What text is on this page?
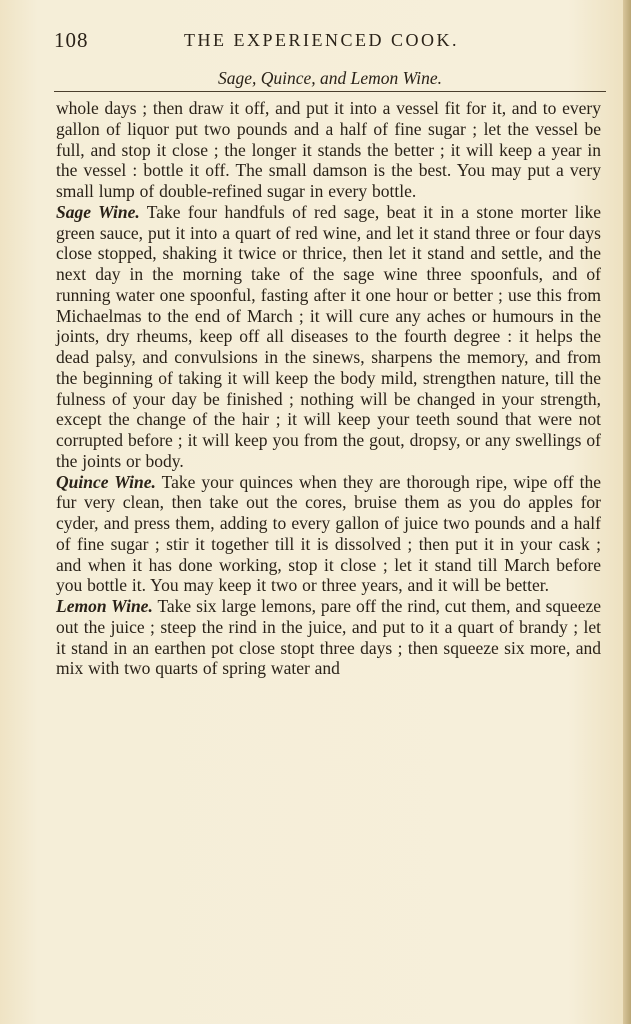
108	THE EXPERIENCED COOK.
Sage, Quince, and Lemon Wine.

whole days ; then draw it off, and put it into a vessel fit for it, and to every gallon of liquor put two pounds and a half of fine sugar ; let the vessel be full, and stop it close ; the longer it stands the better ; it will keep a year in the vessel : bottle it off. The small damson is the best. You may put a very small lump of double-refined sugar in every bottle.

Sage Wine. Take four handfuls of red sage, beat it in a stone morter like green sauce, put it into a quart of red wine, and let it stand three or four days close stopped, shaking it twice or thrice, then let it stand and settle, and the next day in the morning take of the sage wine three spoonfuls, and of running water one spoonful, fasting after it one hour or better ; use this from Michaelmas to the end of March ; it will cure any aches or humours in the joints, dry rheums, keep off all diseases to the fourth degree : it helps the dead palsy, and convulsions in the sinews, sharpens the memory, and from the beginning of taking it will keep the body mild, strengthen nature, till the fulness of your day be finished ; nothing will be changed in your strength, except the change of the hair ; it will keep your teeth sound that were not corrupted before ; it will keep you from the gout, dropsy, or any swellings of the joints or body.

Quince Wine. Take your quinces when they are thorough ripe, wipe off the fur very clean, then take out the cores, bruise them as you do apples for cyder, and press them, adding to every gallon of juice two pounds and a half of fine sugar ; stir it together till it is dissolved ; then put it in your cask ; and when it has done working, stop it close ; let it stand till March before you bottle it. You may keep it two or three years, and it will be better.

Lemon Wine. Take six large lemons, pare off the rind, cut them, and squeeze out the juice ; steep the rind in the juice, and put to it a quart of brandy ; let it stand in an earthen pot close stopt three days ; then squeeze six more, and mix with two quarts of spring water and
